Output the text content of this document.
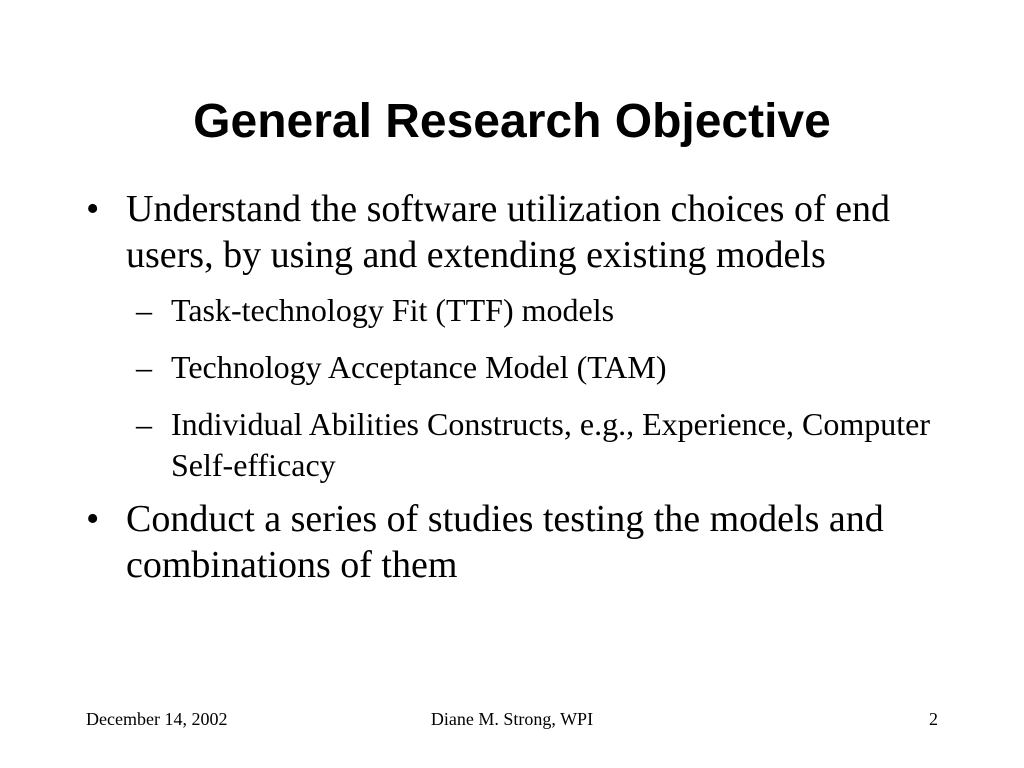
General Research Objective

• Understand the software utilization choices of end users, by using and extending existing models

– Task-technology Fit (TTF) models

– Technology Acceptance Model (TAM)

– Individual Abilities Constructs, e.g., Experience, Computer Self-efficacy

• Conduct a series of studies testing the models and combinations of them

December 14, 2002	Diane M. Strong, WPI	2
